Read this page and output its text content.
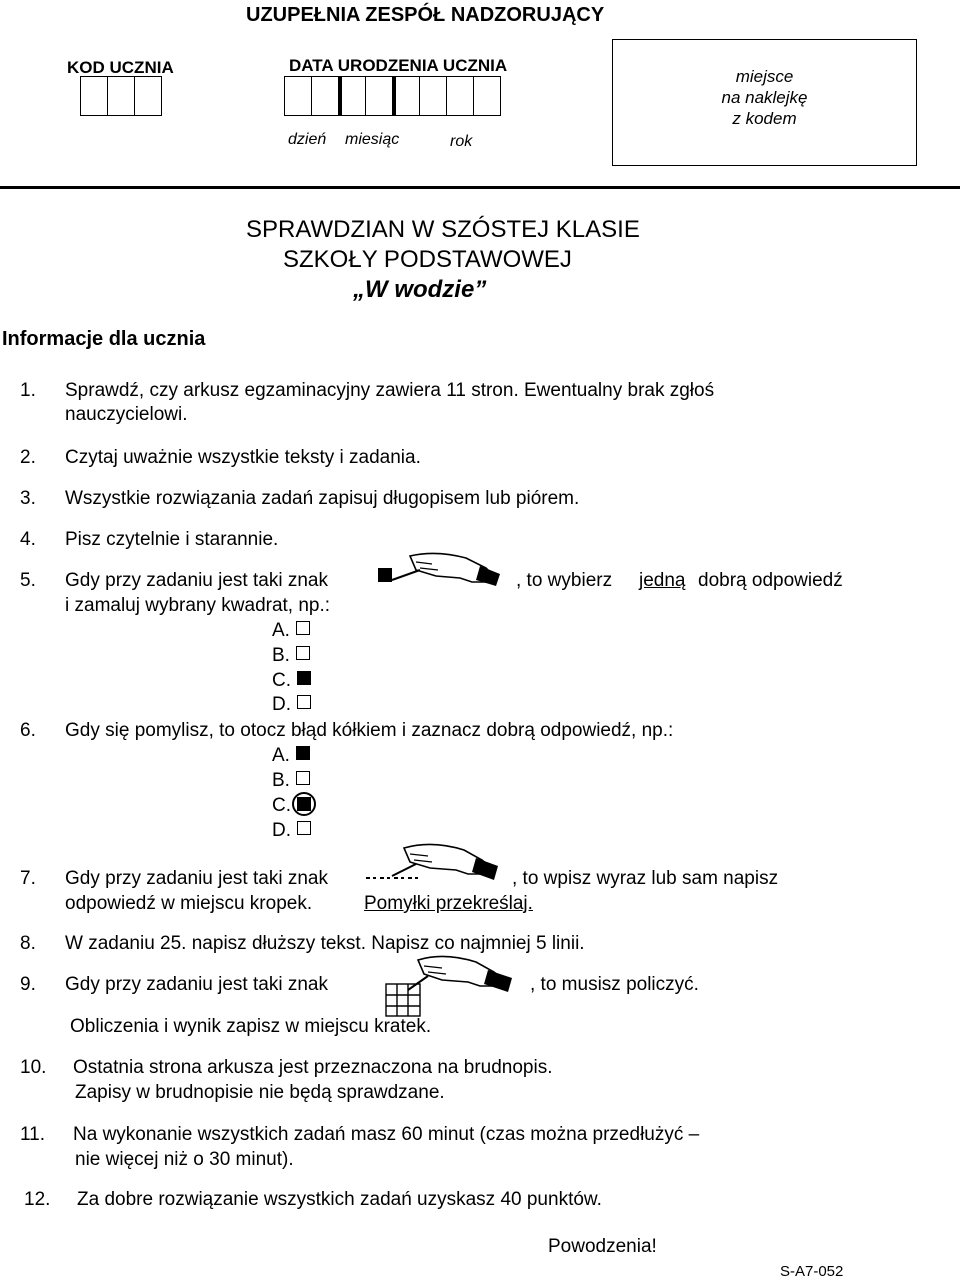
UZUPEŁNIA ZESPÓŁ NADZORUJĄCY
KOD UCZNIA	DATA URODZENIA UCZNIA
dzień miesiąc	rok
miejsce
na naklejkę
z kodem
SPRAWDZIAN W SZÓSTEJ KLASIE
SZKOŁY PODSTAWOWEJ
„W wodzie”
Informacje dla ucznia
1. Sprawdź, czy arkusz egzaminacyjny zawiera 11 stron. Ewentualny brak zgłoś
nauczycielowi.
2. Czytaj uważnie wszystkie teksty i zadania.
3. Wszystkie rozwiązania zadań zapisuj długopisem lub piórem.
4. Pisz czytelnie i starannie.
5. Gdy przy zadaniu jest taki znak	, to wybierz jedną dobrą odpowiedź
i zamaluj wybrany kwadrat, np.:
A.
B.
C.
D.
6. Gdy się pomylisz, to otocz błąd kółkiem i zaznacz dobrą odpowiedź, np.:
A.
B.
C.
D.
7. Gdy przy zadaniu jest taki znak	, to wpisz wyraz lub sam napisz
odpowiedź w miejscu kropek.	Pomyłki przekreślaj.
8. W zadaniu 25. napisz dłuższy tekst. Napisz co najmniej 5 linii.
9. Gdy przy zadaniu jest taki znak	, to musisz policzyć.
Obliczenia i wynik zapisz w miejscu kratek.
10. Ostatnia strona arkusza jest przeznaczona na brudnopis.
Zapisy w brudnopisie nie będą sprawdzane.
11. Na wykonanie wszystkich zadań masz 60 minut (czas można przedłużyć –
nie więcej niż o 30 minut).
12. Za dobre rozwiązanie wszystkich zadań uzyskasz 40 punktów.
Powodzenia!
S-A7-052
